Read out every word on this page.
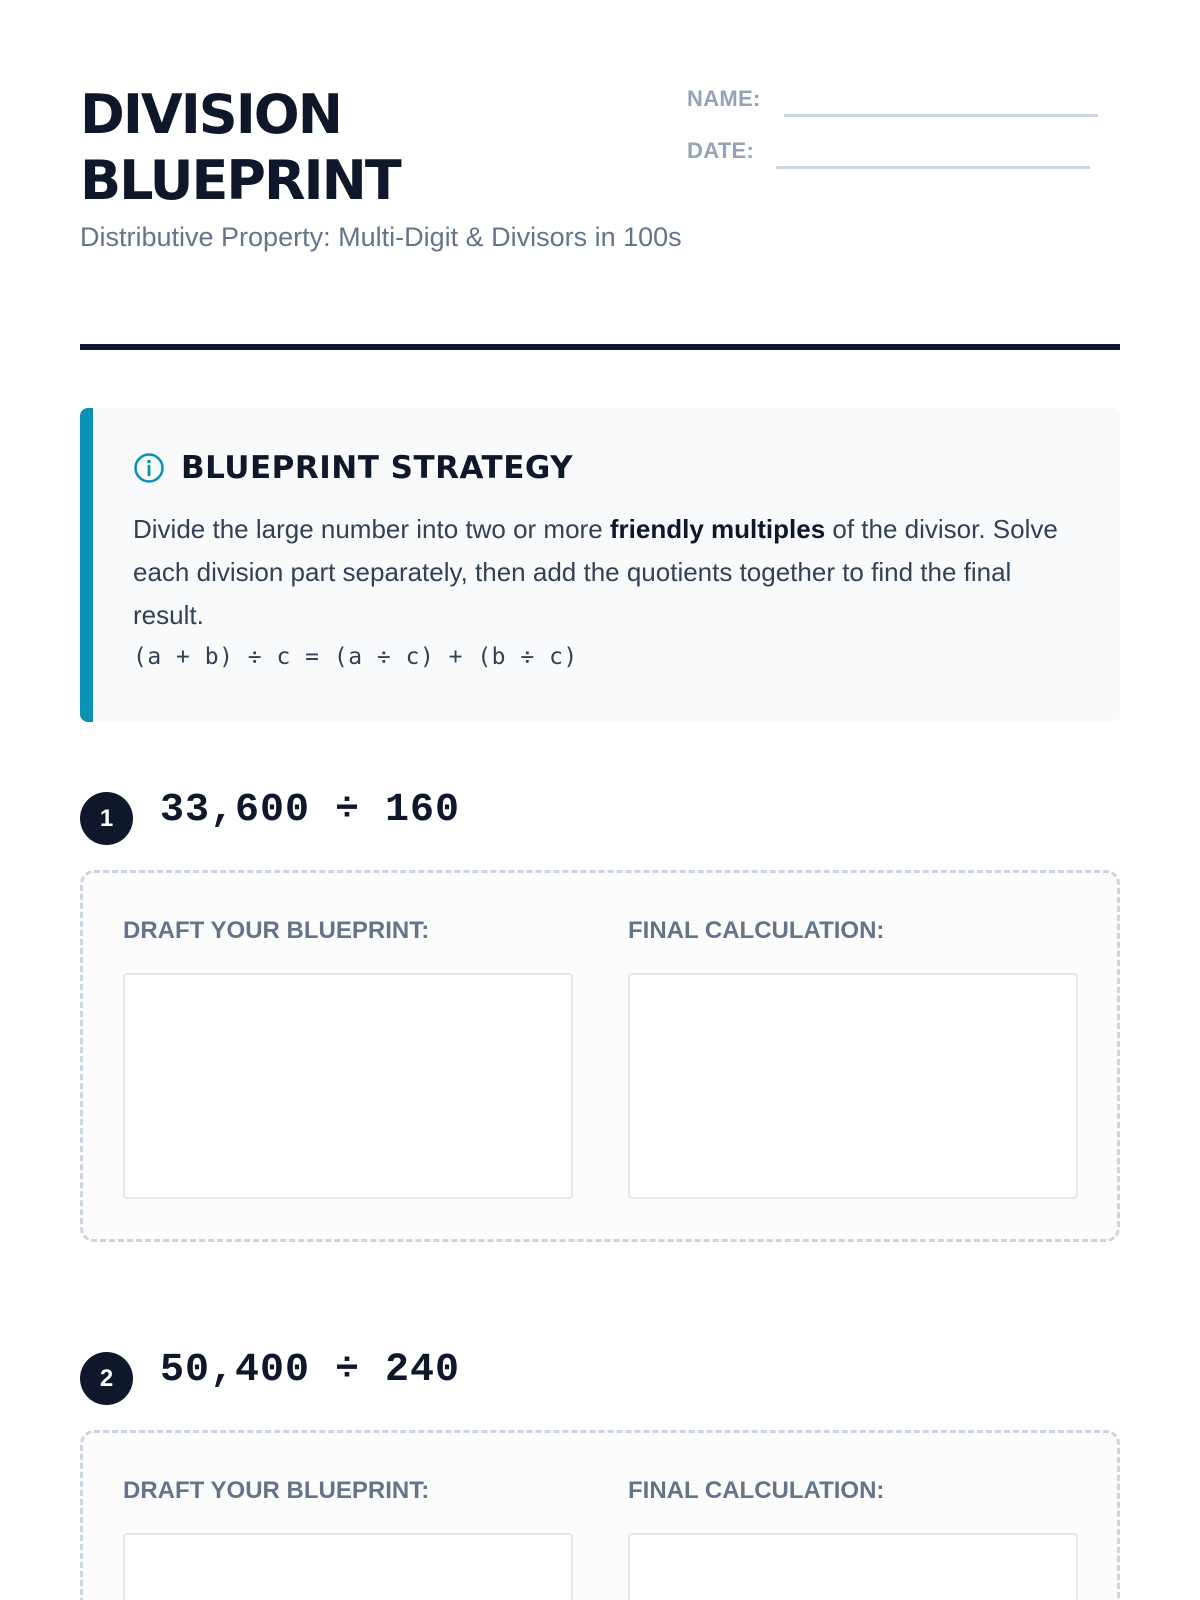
DIVISION
BLUEPRINT

Distributive Property: Multi-Digit & Divisors in 100s

NAME:
DATE:
BLUEPRINT STRATEGY

Divide the large number into two or more friendly multiples of the divisor. Solve each division part separately, then add the quotients together to find the final result.

(a + b) ÷ c = (a ÷ c) + (b ÷ c)
1	33,600 ÷ 160
DRAFT YOUR BLUEPRINT:	FINAL CALCULATION:
2	50,400 ÷ 240
DRAFT YOUR BLUEPRINT:	FINAL CALCULATION:
